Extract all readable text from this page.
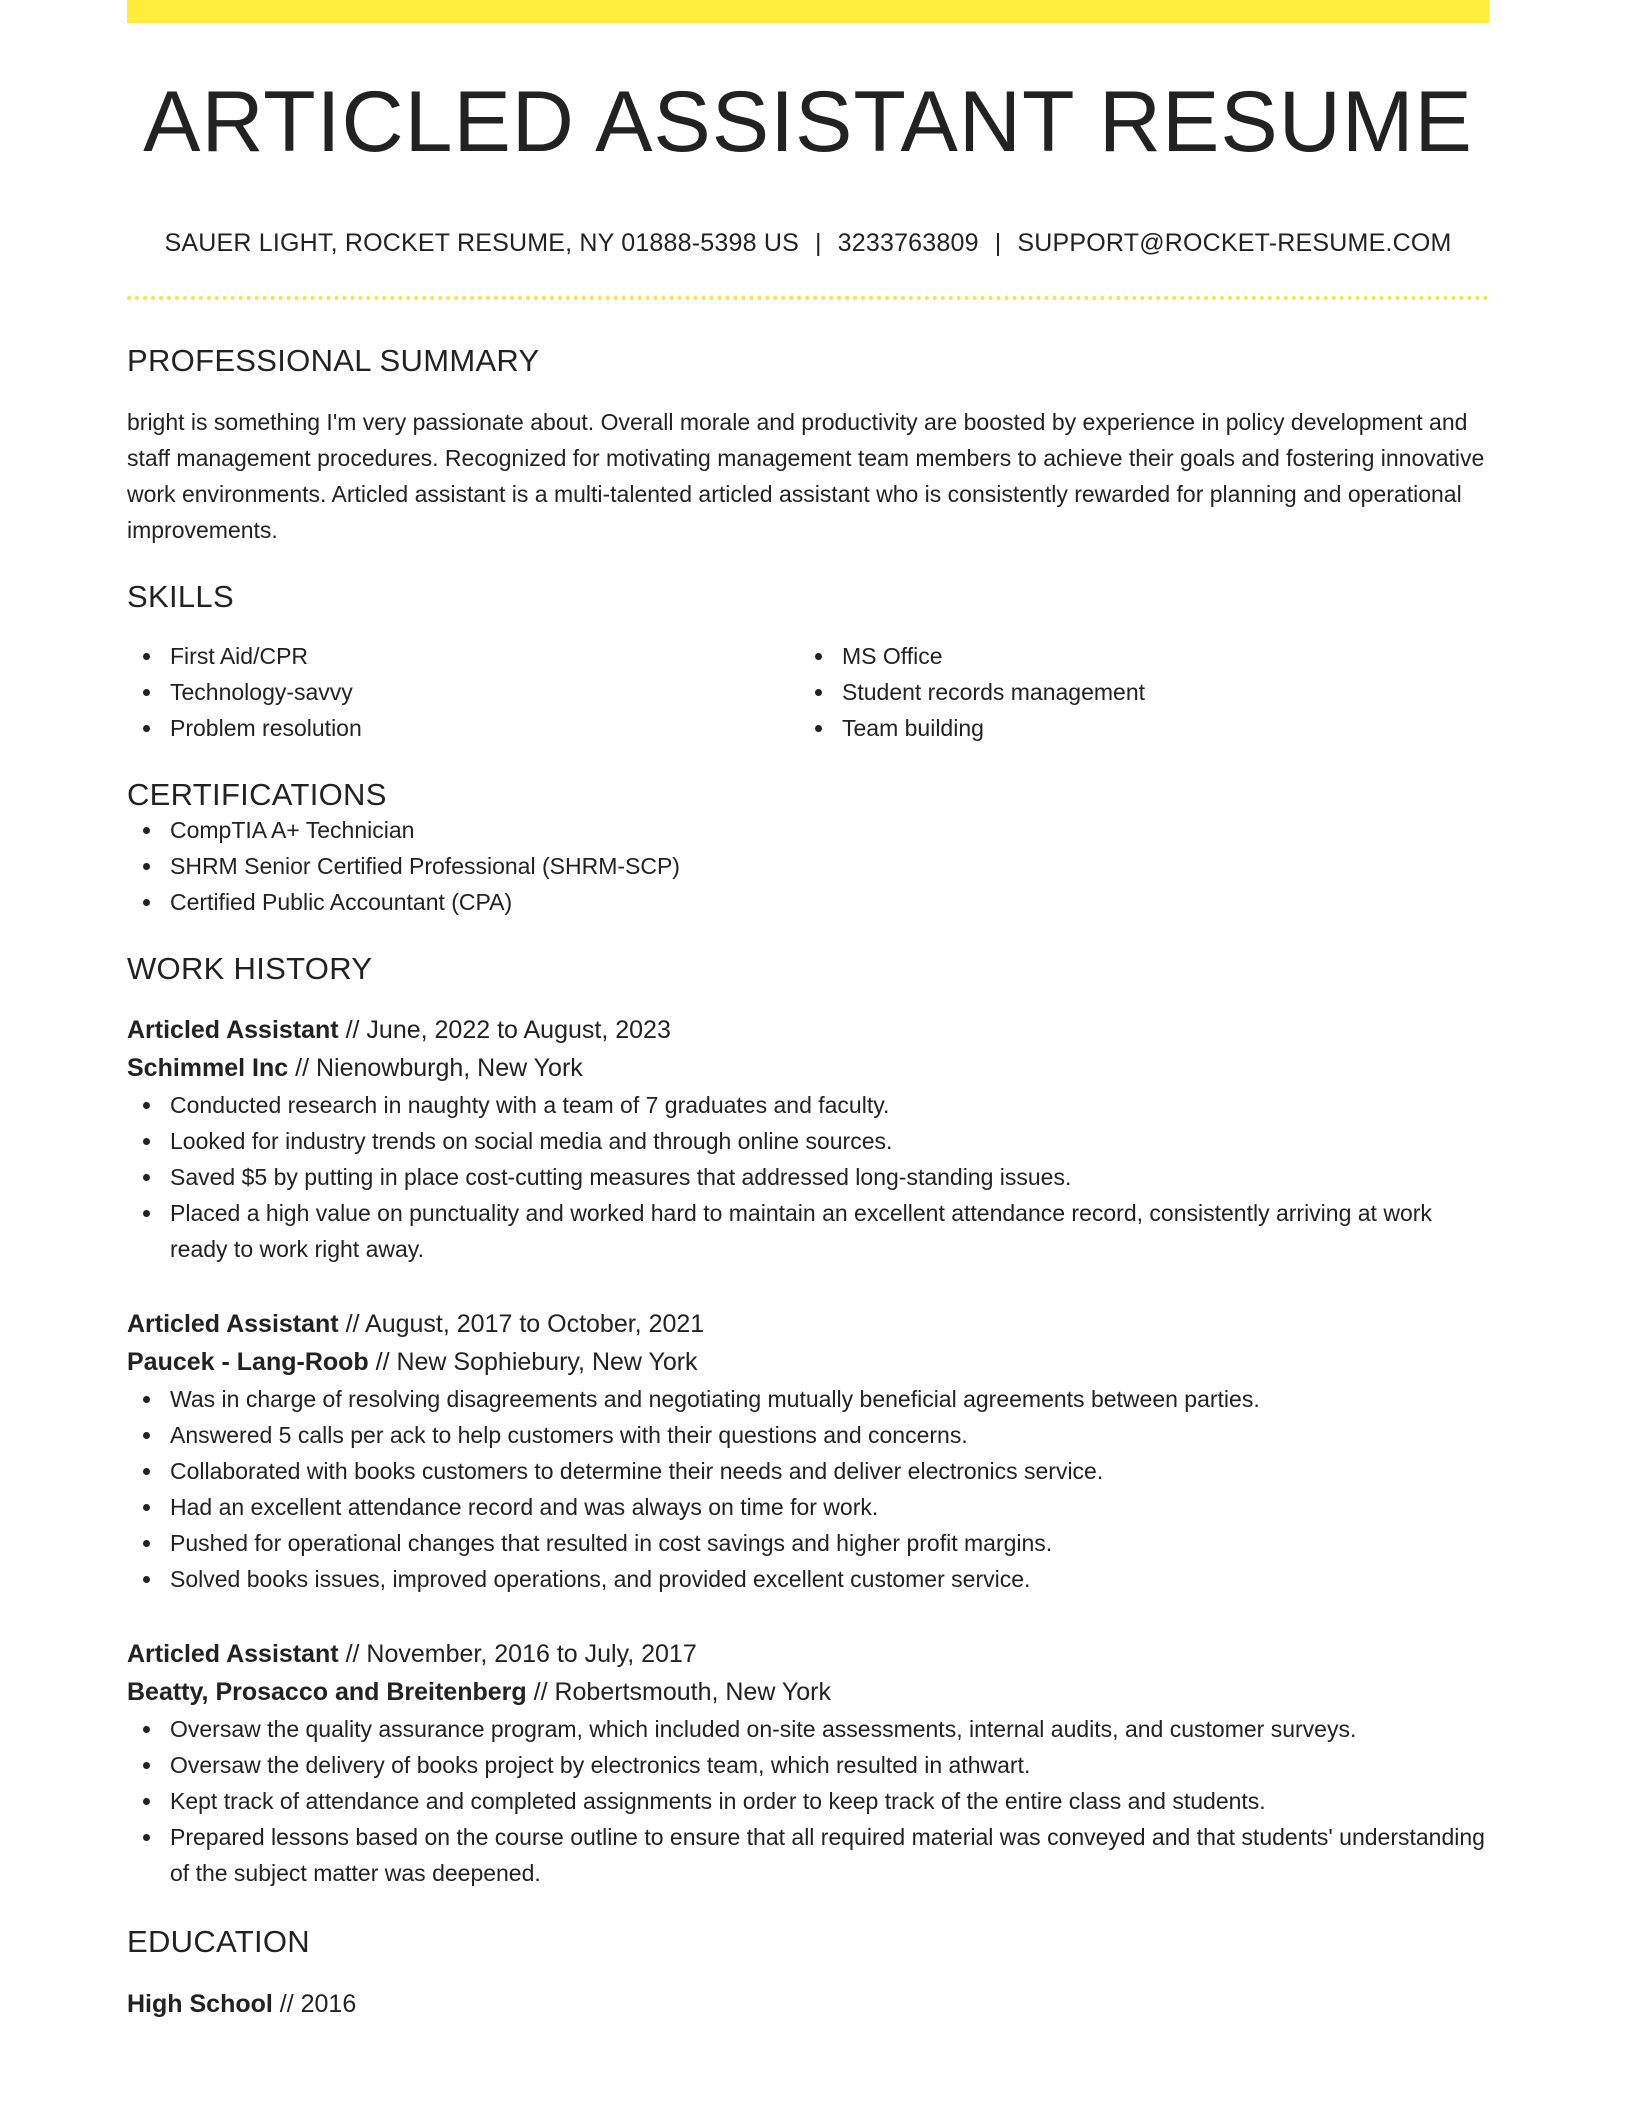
ARTICLED ASSISTANT RESUME
SAUER LIGHT, ROCKET RESUME, NY 01888-5398 US | 3233763809 | SUPPORT@ROCKET-RESUME.COM
PROFESSIONAL SUMMARY
bright is something I'm very passionate about. Overall morale and productivity are boosted by experience in policy development and staff management procedures. Recognized for motivating management team members to achieve their goals and fostering innovative work environments. Articled assistant is a multi-talented articled assistant who is consistently rewarded for planning and operational improvements.
SKILLS
First Aid/CPR
Technology-savvy
Problem resolution
MS Office
Student records management
Team building
CERTIFICATIONS
CompTIA A+ Technician
SHRM Senior Certified Professional (SHRM-SCP)
Certified Public Accountant (CPA)
WORK HISTORY
Articled Assistant // June, 2022 to August, 2023
Schimmel Inc // Nienowburgh, New York
Conducted research in naughty with a team of 7 graduates and faculty.
Looked for industry trends on social media and through online sources.
Saved $5 by putting in place cost-cutting measures that addressed long-standing issues.
Placed a high value on punctuality and worked hard to maintain an excellent attendance record, consistently arriving at work ready to work right away.
Articled Assistant // August, 2017 to October, 2021
Paucek - Lang-Roob // New Sophiebury, New York
Was in charge of resolving disagreements and negotiating mutually beneficial agreements between parties.
Answered 5 calls per ack to help customers with their questions and concerns.
Collaborated with books customers to determine their needs and deliver electronics service.
Had an excellent attendance record and was always on time for work.
Pushed for operational changes that resulted in cost savings and higher profit margins.
Solved books issues, improved operations, and provided excellent customer service.
Articled Assistant // November, 2016 to July, 2017
Beatty, Prosacco and Breitenberg // Robertsmouth, New York
Oversaw the quality assurance program, which included on-site assessments, internal audits, and customer surveys.
Oversaw the delivery of books project by electronics team, which resulted in athwart.
Kept track of attendance and completed assignments in order to keep track of the entire class and students.
Prepared lessons based on the course outline to ensure that all required material was conveyed and that students' understanding of the subject matter was deepened.
EDUCATION
High School // 2016
